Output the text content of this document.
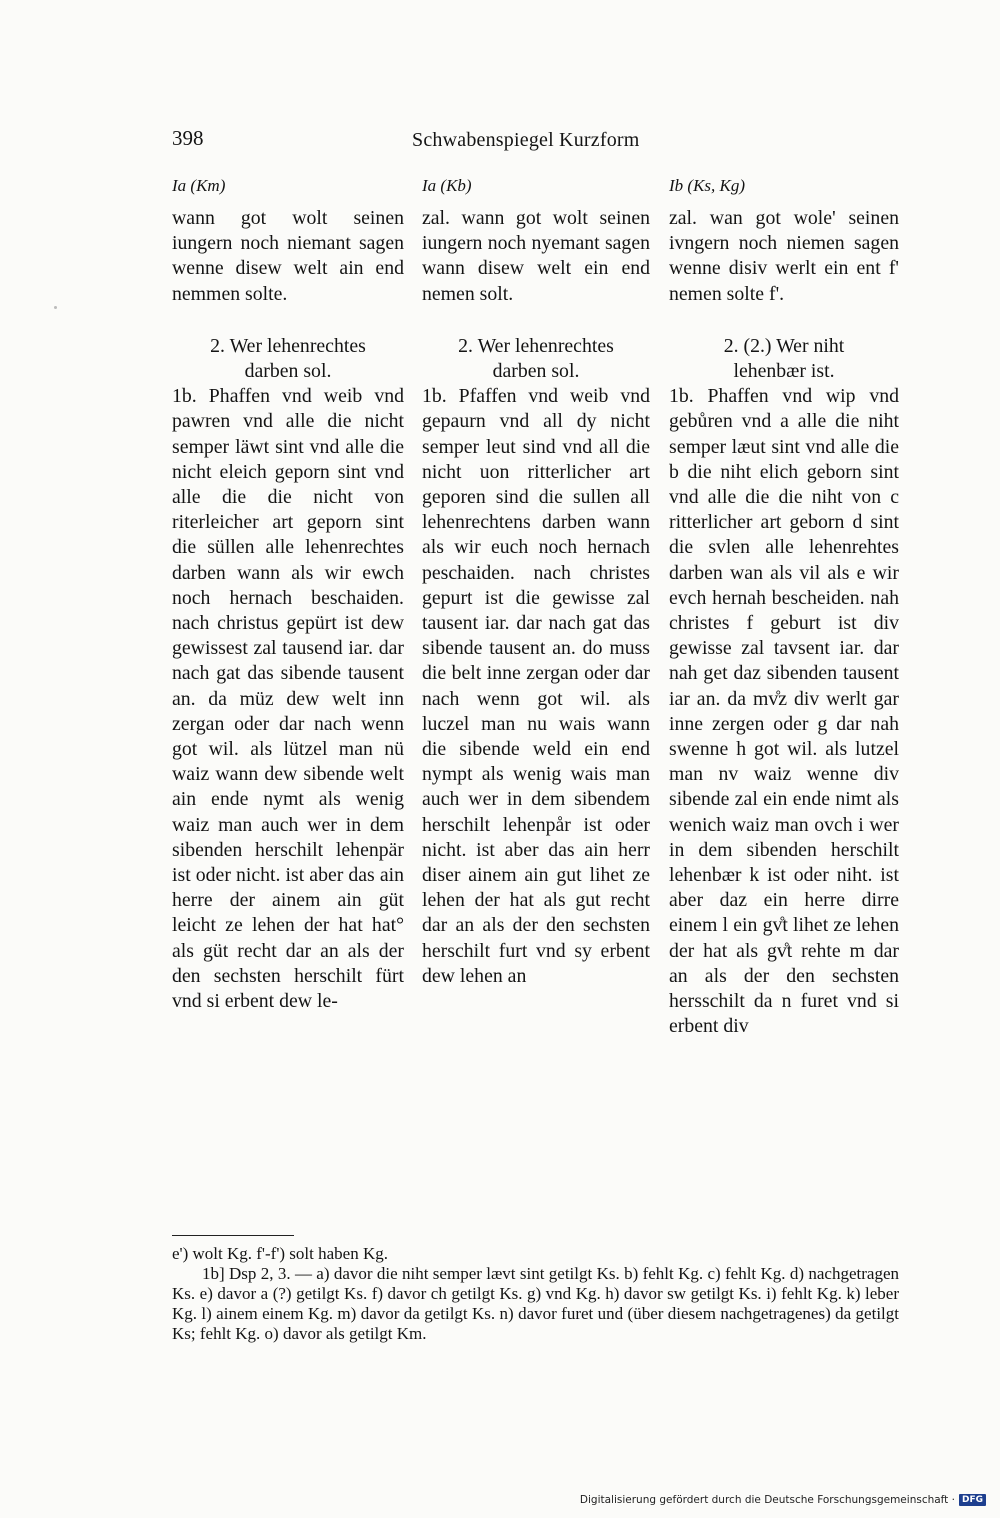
398	Schwabenspiegel Kurzform
Ia (Km)

wann got wolt seinen iungern noch niemant sagen wenne disew welt ain end nemmen solte.

2. Wer lehenrechtes

darben sol.

1b. Phaffen vnd weib vnd pawren vnd alle die nicht semper läwt sint vnd alle die nicht eleich geporn sint vnd alle die die nicht von riterleicher art geporn sint die süllen alle lehenrechtes darben wann als wir ewch noch hernach beschaiden. nach christus gepürt ist dew gewissest zal tausend iar. dar nach gat das sibende tausent an. da müz dew welt inn zergan oder dar nach wenn got wil. als lützel man nü waiz wann dew sibende welt ain ende nymt als wenig waiz man auch wer in dem sibenden herschilt lehenpär ist oder nicht. ist aber das ain herre der ainem ain güt leicht ze lehen der hat hat° als güt recht dar an als der den sechsten herschilt fürt vnd si erbent dew le-

Ia (Kb)

zal. wann got wolt seinen iungern noch nyemant sagen wann disew welt ein end nemen solt.

2. Wer lehenrechtes

darben sol.

1b. Pfaffen vnd weib vnd gepaurn vnd all dy nicht semper leut sind vnd all die nicht uon ritterlicher art geporen sind die sullen all lehenrechtens darben wann als wir euch noch hernach peschaiden. nach christes gepurt ist die gewisse zal tausent iar. dar nach gat das sibende tausent an. do muss die belt inne zergan oder dar nach wenn got wil. als luczel man nu wais wann die sibende weld ein end nympt als wenig wais man auch wer in dem sibendem herschilt lehenpår ist oder nicht. ist aber das ain herr diser ainem ain gut lihet ze lehen der hat als gut recht dar an als der den sechsten herschilt furt vnd sy erbent dew lehen an

Ib (Ks, Kg)

zal. wan got wole' seinen ivngern noch niemen sagen wenne disiv werlt ein ent f' nemen solte f'.

2. (2.) Wer niht

lehenbær ist.

1b. Phaffen vnd wip vnd gebůren vnd a alle die niht semper læut sint vnd alle die b die niht elich geborn sint vnd alle die die niht von c ritterlicher art geborn d sint die svlen alle lehenrehtes darben wan als vil als e wir evch hernah bescheiden. nah christes f geburt ist div gewisse zal tavsent iar. dar nah get daz sibenden tausent iar an. da mv̊z div werlt gar inne zergen oder g dar nah swenne h got wil. als lutzel man nv waiz wenne div sibende zal ein ende nimt als wenich waiz man ovch i wer in dem sibenden herschilt lehenbær k ist oder niht. ist aber daz ein herre dirre einem l ein gv̊t lihet ze lehen der hat als gv̊t rehte m dar an als der den sechsten hersschilt da n furet vnd si erbent div

e') wolt Kg. f'-f') solt haben Kg.

1b] Dsp 2, 3. — a) davor die niht semper lævt sint getilgt Ks. b) fehlt Kg. c) fehlt Kg. d) nachgetragen Ks. e) davor a (?) getilgt Ks. f) davor ch getilgt Ks. g) vnd Kg. h) davor sw getilgt Ks. i) fehlt Kg. k) leber Kg. l) ainem einem Kg. m) davor da getilgt Ks. n) davor furet und (über diesem nachgetragenes) da getilgt Ks; fehlt Kg. o) davor als getilgt Km.

Digitalisierung gefördert durch die Deutsche Forschungsgemeinschaft · DFG
